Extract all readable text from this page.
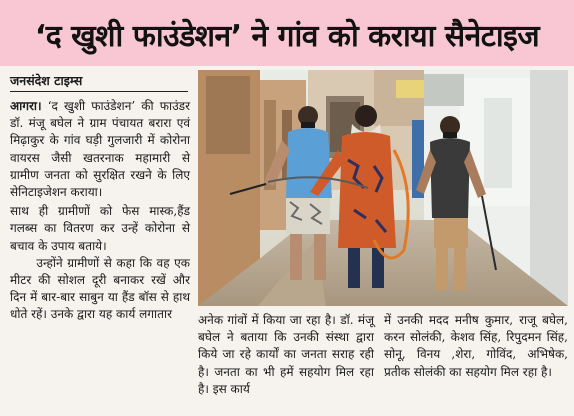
‘द खुशी फाउंडेशन’ ने गांव को कराया सैनेटाइज
जनसंदेश टाइम्स

आगरा। ‘द खुशी फाउंडेशन’ की फाउंडर डॉ. मंजू बघेल ने ग्राम पंचायत बरारा एवं मिढ़ाकुर के गांव घड़ी गुलजारी में कोरोना वायरस जैसी खतरनाक महामारी से ग्रामीण जनता को सुरक्षित रखने के लिए सेनिटाइजेशन कराया।

साथ ही ग्रामीणों को फेस मास्क,हैंड गलब्स का वितरण कर उन्हें कोरोना से बचाव के उपाय बताये।

उन्होंने ग्रामीणों से कहा कि वह एक मीटर की सोशल दूरी बनाकर रखें और दिन में बार-बार साबुन या हैंड बॉस से हाथ धोते रहें। उनके द्वारा यह कार्य लगातार	अनेक गांवों में किया जा रहा है। डॉ. मंजू बघेल ने बताया कि उनकी संस्था द्वारा किये जा रहे कार्यों का जनता सराह रही है। जनता का भी हमें सहयोग मिल रहा है। इस कार्य

में उनकी मदद मनीष कुमार, राजू बघेल, करन सोलंकी, केशव सिंह, रिपुदमन सिंह, सोनू, विनय ,शेरा, गोविंद, अभिषेक, प्रतीक सोलंकी का सहयोग मिल रहा है।
